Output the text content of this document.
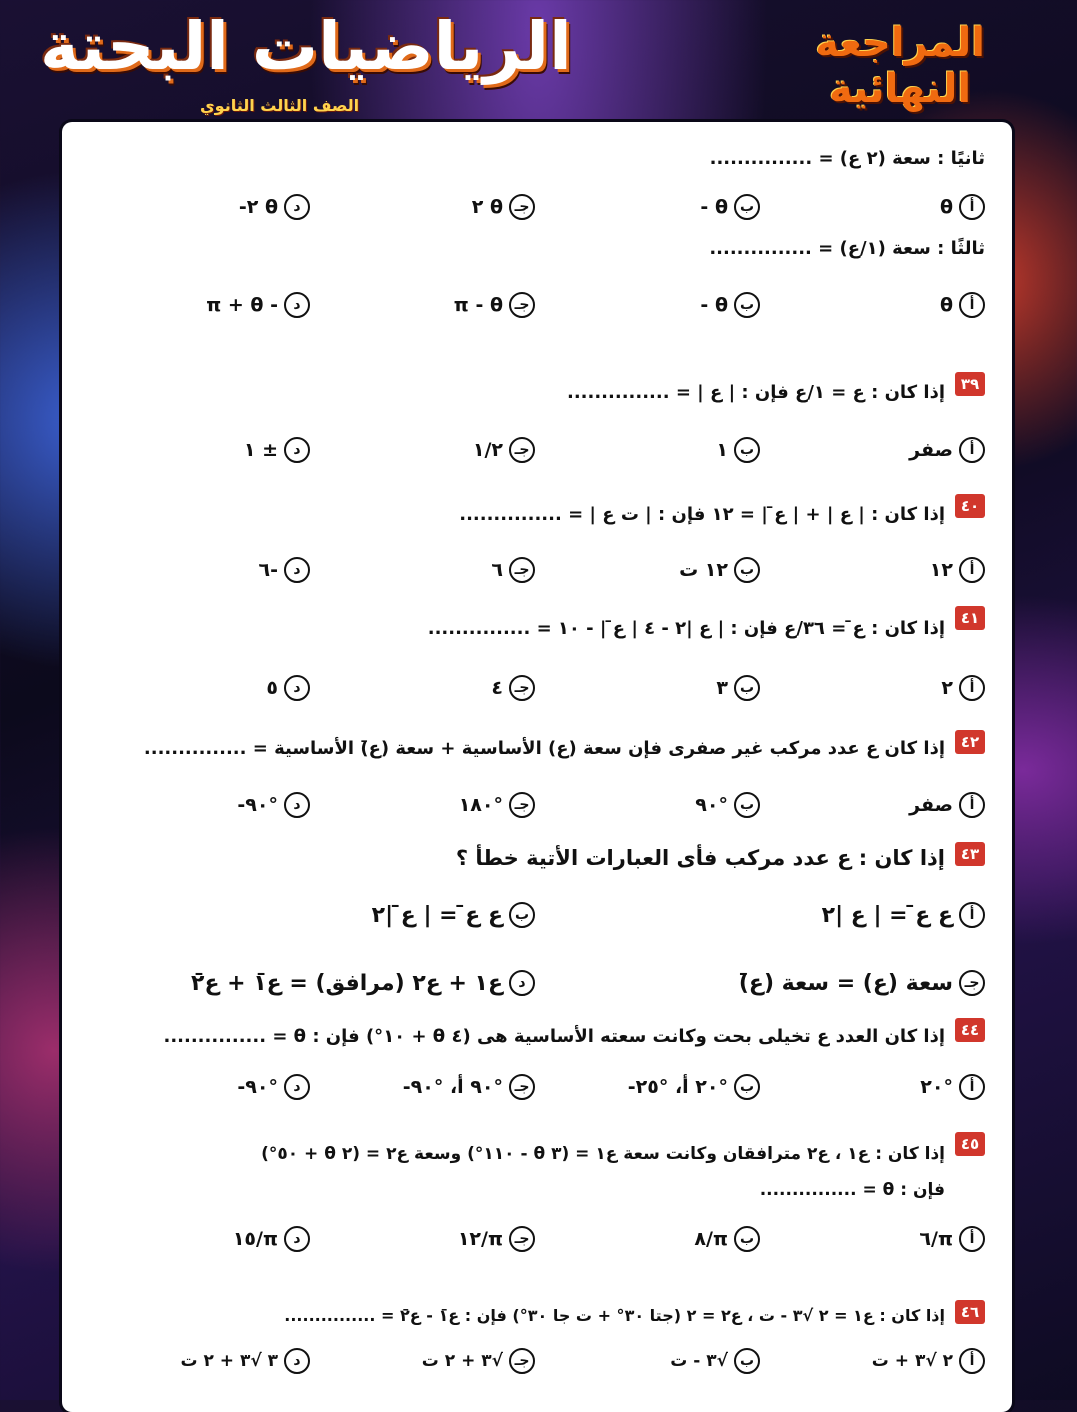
الرياضيات البحتة
الصف الثالث الثانوي
المراجعة
النهائية
ثانيًا : سعة (٢ ع) = ...............
أ
θ
ب
θ -
جـ
θ ٢
د
θ ٢-
ثالثًا : سعة (١/ع) = ...............
أ
θ
ب
θ -
جـ
π - θ
د
- π + θ
٣٩
إذا كان : ع = ١/ع فإن : | ع | = ...............
أ
صفر
ب
١
جـ
١/٢
د
± ١
٤٠
إذا كان : | ع | + | ع̄ | = ١٢ فإن : | ت ع | = ...............
أ
١٢
ب
١٢ ت
جـ
٦
د
-٦
٤١
إذا كان : ع̄ = ٣٦/ع فإن : | ع |٢ - ٤ | ع̄ | - ١٠ = ...............
أ
٢
ب
٣
جـ
٤
د
٥
٤٢
إذا كان ع عدد مركب غير صفرى فإن سعة (ع) الأساسية + سعة (ع̄) الأساسية = ...............
أ
صفر
ب
°٩٠
جـ
°١٨٠
د
°٩٠-
٤٣
إذا كان : ع عدد مركب فأى العبارات الأتية خطأ ؟
أ
ع ع̄ = | ع |٢
ب
ع ع̄ = | ع̄ |٢
جـ
سعة (ع) = سعة (ع̄)
د
ع١ + ع٢ (مرافق) = ع̄١ + ع̄٢
٤٤
إذا كان العدد ع تخيلى بحت وكانت سعته الأساسية هى (٤ θ + ١٠°) فإن : θ = ...............
أ
°٢٠
ب
°٢٠ أ، °٢٥-
جـ
°٩٠ أ، °٩٠-
د
°٩٠-
٤٥
إذا كان : ع١ ، ع٢ مترافقان وكانت سعة ع١ = (٣ θ - ١١٠°) وسعة ع٢ = (٢ θ + ٥٠°)
فإن : θ = ...............
أ
π/٦
ب
π/٨
جـ
π/١٢
د
π/١٥
٤٦
إذا كان : ع١ = ٢ √٣ - ت ، ع٢ = ٢ (جتا ٣٠° + ت جا ٣٠°) فإن : ع̄١ - ع̄٢ = ...............
أ
٢ √٣ + ت
ب
√٣ - ت
جـ
√٣ + ٢ ت
د
٣ √٣ + ٢ ت
